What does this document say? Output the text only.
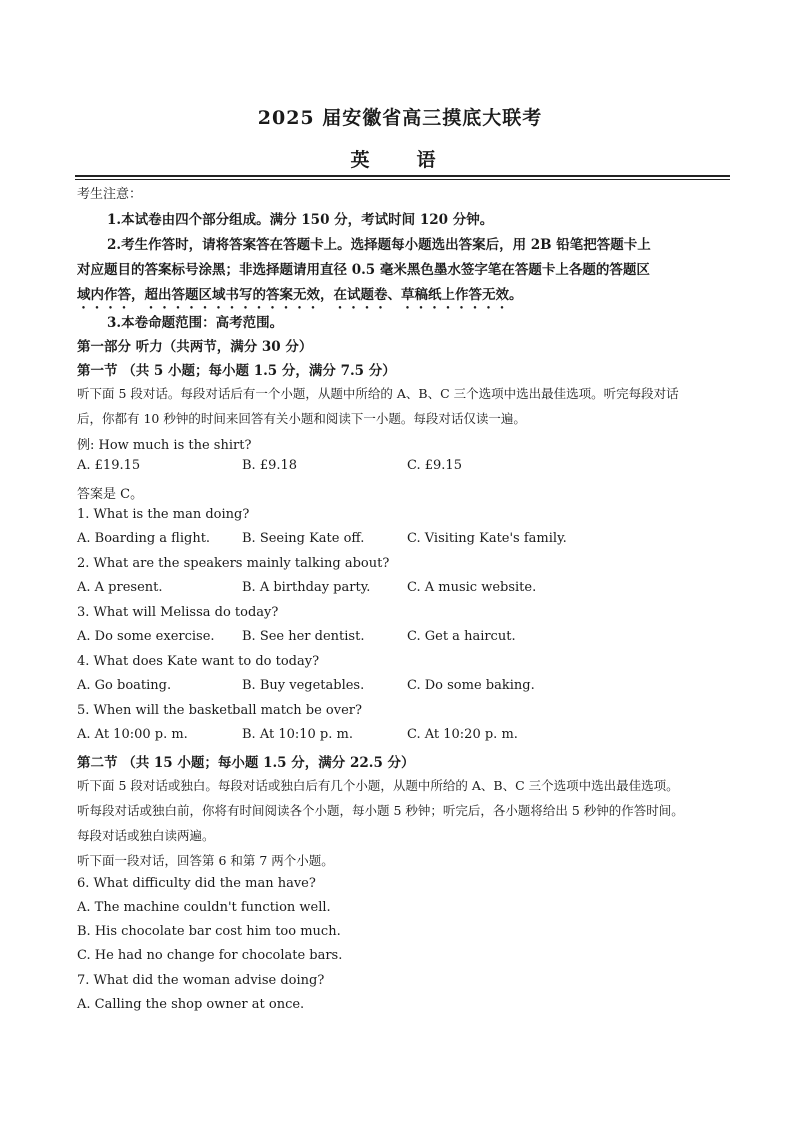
2025 届安徽省高三摸底大联考
英　语
考生注意：
1.本试卷由四个部分组成。满分 150 分，考试时间 120 分钟。
2.考生作答时，请将答案答在答题卡上。选择题每小题选出答案后，用 2B 铅笔把答题卡上
对应题目的答案标号涂黑；非选择题请用直径 0.5 毫米黑色墨水签字笔在答题卡上各题的答题区
域内作答，超出答题区域书写的答案无效，在试题卷、草稿纸上作答无效。
3.本卷命题范围：高考范围。
第一部分 听力（共两节，满分 30 分）
第一节 （共 5 小题；每小题 1.5 分，满分 7.5 分）
听下面 5 段对话。每段对话后有一个小题，从题中所给的 A、B、C 三个选项中选出最佳选项。听完每段对话
后，你都有 10 秒钟的时间来回答有关小题和阅读下一小题。每段对话仅读一遍。
例: How much is the shirt?
A. £19.15	B. £9.18	C. £9.15
答案是 C。
1. What is the man doing?
A. Boarding a flight. B. Seeing Kate off.	C. Visiting Kate's family.
2. What are the speakers mainly talking about?
A. A present.	B. A birthday party.	C. A music website.
3. What will Melissa do today?
A. Do some exercise. B. See her dentist.	C. Get a haircut.
4. What does Kate want to do today?
A. Go boating.	B. Buy vegetables.	C. Do some baking.
5. When will the basketball match be over?
A. At 10:00 p. m.	B. At 10:10 p. m.	C. At 10:20 p. m.
第二节 （共 15 小题；每小题 1.5 分，满分 22.5 分）
听下面 5 段对话或独白。每段对话或独白后有几个小题，从题中所给的 A、B、C 三个选项中选出最佳选项。
听每段对话或独白前，你将有时间阅读各个小题，每小题 5 秒钟；听完后，各小题将给出 5 秒钟的作答时间。
每段对话或独白读两遍。
听下面一段对话，回答第 6 和第 7 两个小题。
6. What difficulty did the man have?
A. The machine couldn't function well.
B. His chocolate bar cost him too much.
C. He had no change for chocolate bars.
7. What did the woman advise doing?
A. Calling the shop owner at once.
